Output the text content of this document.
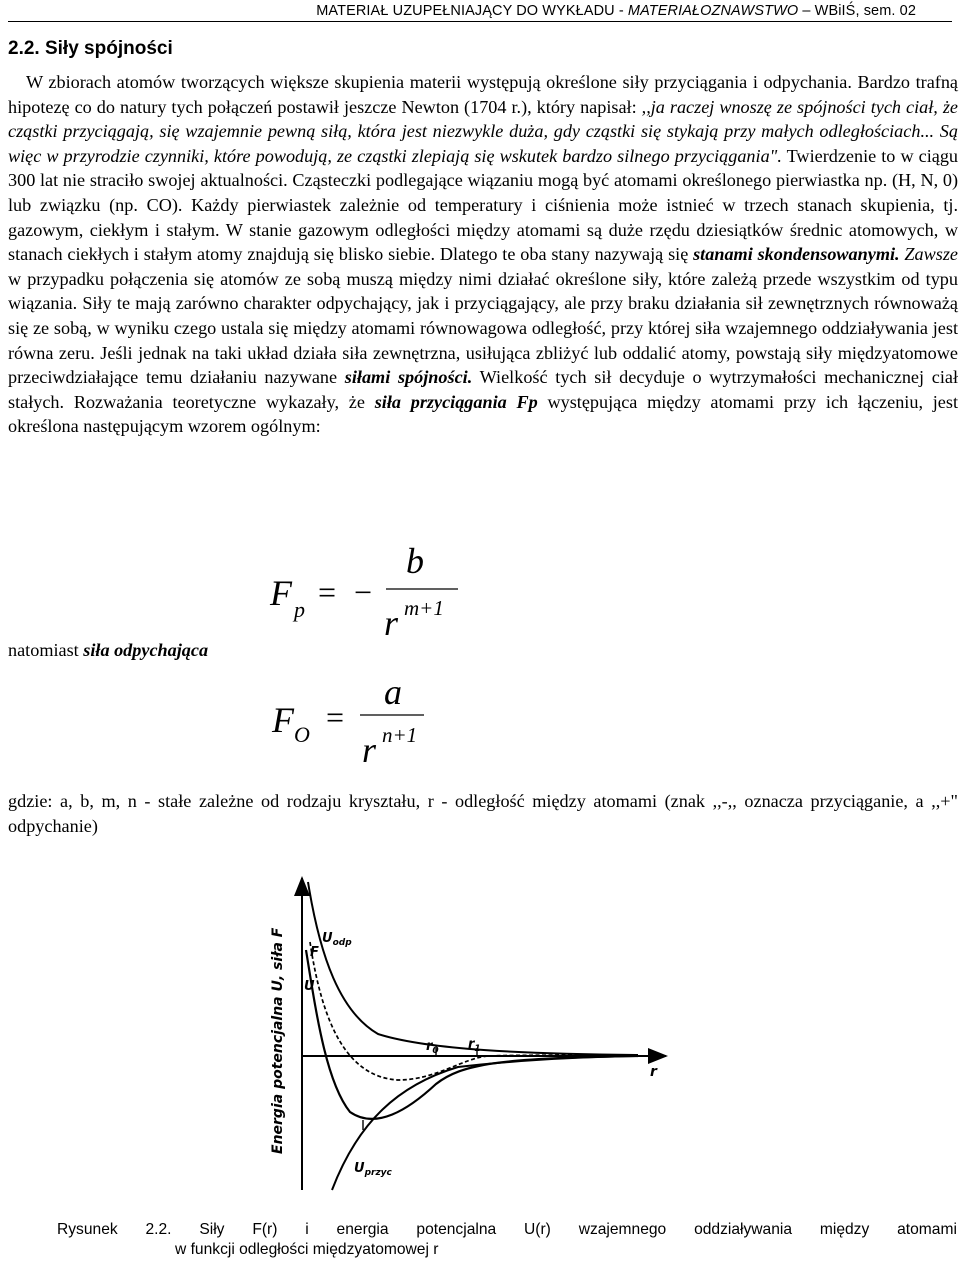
MATERIAŁ UZUPEŁNIAJĄCY DO WYKŁADU - MATERIAŁOZNAWSTWO – WBiIŚ, sem. 02
2.2. Siły spójności

W zbiorach atomów tworzących większe skupienia materii występują określone siły przyciągania i odpychania. Bardzo trafną hipotezę co do natury tych połączeń postawił jeszcze Newton (1704 r.), który napisał: ,,ja raczej wnoszę ze spójności tych ciał, że cząstki przyciągają, się wzajemnie pewną siłą, która jest niezwykle duża, gdy cząstki się stykają przy małych odległościach... Są więc w przyrodzie czynniki, które powodują, ze cząstki zlepiają się wskutek bardzo silnego przyciągania". Twierdzenie to w ciągu 300 lat nie straciło swojej aktualności. Cząsteczki podlegające wiązaniu mogą być atomami określonego pierwiastka np. (H, N, 0) lub związku (np. CO). Każdy pierwiastek zależnie od temperatury i ciśnienia może istnieć w trzech stanach skupienia, tj. gazowym, ciekłym i stałym. W stanie gazowym odległości między atomami są duże rzędu dziesiątków średnic atomowych, w stanach ciekłych i stałym atomy znajdują się blisko siebie. Dlatego te oba stany nazywają się stanami skondensowanymi. Zawsze w przypadku połączenia się atomów ze sobą muszą między nimi działać określone siły, które zależą przede wszystkim od typu wiązania. Siły te mają zarówno charakter odpychający, jak i przyciągający, ale przy braku działania sił zewnętrznych równoważą się ze sobą, w wyniku czego ustala się między atomami równowagowa odległość, przy której siła wzajemnego oddziaływania jest równa zeru. Jeśli jednak na taki układ działa siła zewnętrzna, usiłująca zbliżyć lub oddalić atomy, powstają siły międzyatomowe przeciwdziałające temu działaniu nazywane siłami spójności. Wielkość tych sił decyduje o wytrzymałości mechanicznej ciał stałych. Rozważania teoretyczne wykazały, że siła przyciągania Fp występująca między atomami przy ich łączeniu, jest określona następującym wzorem ogólnym:

F p = −
b
r m+1
natomiast siła odpychająca
F O =
a
r n+1
gdzie: a, b, m, n - stałe zależne od rodzaju kryształu, r - odległość między atomami (znak ,,-,, oznacza przyciąganie, a ,,+" odpychanie)
Energia potencjalna U, siła F	r
$U_{odp}$
F
U
$r_0$ $r_1$
$U_{przyc}$
Rysunek 2.2. Siły F(r) i energia potencjalna U(r) wzajemnego oddziaływania między atomami
w funkcji odległości międzyatomowej r
